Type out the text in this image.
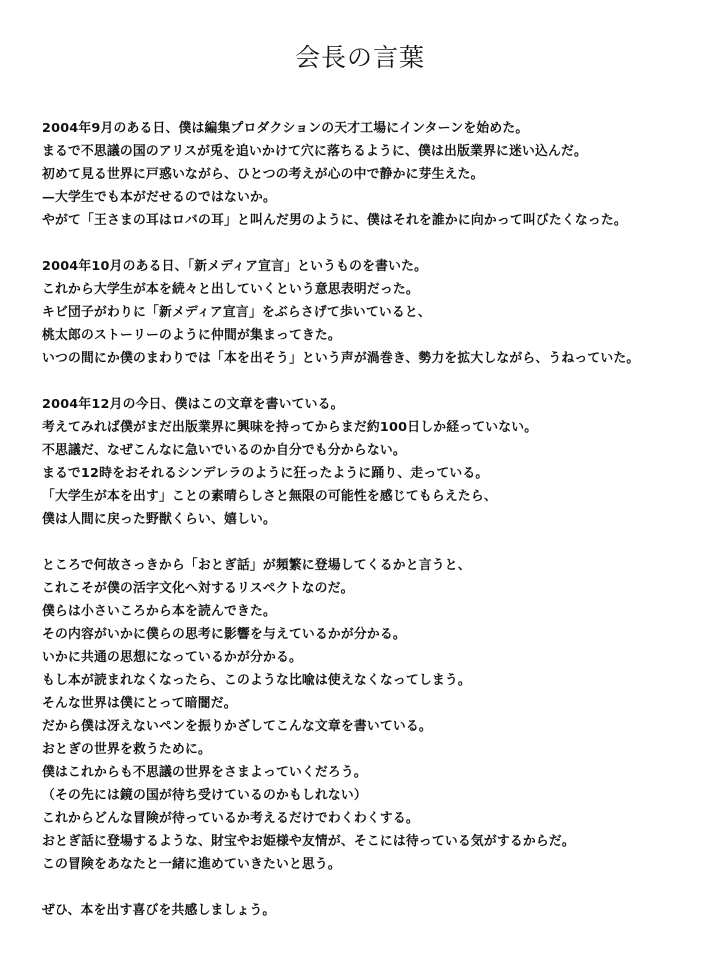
会長の言葉
2004年9月のある日、僕は編集プロダクションの天才工場にインターンを始めた。
まるで不思議の国のアリスが兎を追いかけて穴に落ちるように、僕は出版業界に迷い込んだ。
初めて見る世界に戸惑いながら、ひとつの考えが心の中で静かに芽生えた。
—大学生でも本がだせるのではないか。
やがて「王さまの耳はロバの耳」と叫んだ男のように、僕はそれを誰かに向かって叫びたくなった。
2004年10月のある日、「新メディア宣言」というものを書いた。
これから大学生が本を続々と出していくという意思表明だった。
キビ団子がわりに「新メディア宣言」をぶらさげて歩いていると、
桃太郎のストーリーのように仲間が集まってきた。
いつの間にか僕のまわりでは「本を出そう」という声が渦巻き、勢力を拡大しながら、うねっていた。
2004年12月の今日、僕はこの文章を書いている。
考えてみれば僕がまだ出版業界に興味を持ってからまだ約100日しか経っていない。
不思議だ、なぜこんなに急いでいるのか自分でも分からない。
まるで12時をおそれるシンデレラのように狂ったように踊り、走っている。
「大学生が本を出す」ことの素晴らしさと無限の可能性を感じてもらえたら、
僕は人間に戻った野獣くらい、嬉しい。
ところで何故さっきから「おとぎ話」が頻繁に登場してくるかと言うと、
これこそが僕の活字文化へ対するリスペクトなのだ。
僕らは小さいころから本を読んできた。
その内容がいかに僕らの思考に影響を与えているかが分かる。
いかに共通の思想になっているかが分かる。
もし本が読まれなくなったら、このような比喩は使えなくなってしまう。
そんな世界は僕にとって暗闇だ。
だから僕は冴えないペンを振りかざしてこんな文章を書いている。
おとぎの世界を救うために。
僕はこれからも不思議の世界をさまよっていくだろう。
（その先には鏡の国が待ち受けているのかもしれない）
これからどんな冒険が待っているか考えるだけでわくわくする。
おとぎ話に登場するような、財宝やお姫様や友情が、そこには待っている気がするからだ。
この冒険をあなたと一緒に進めていきたいと思う。
ぜひ、本を出す喜びを共感しましょう。
